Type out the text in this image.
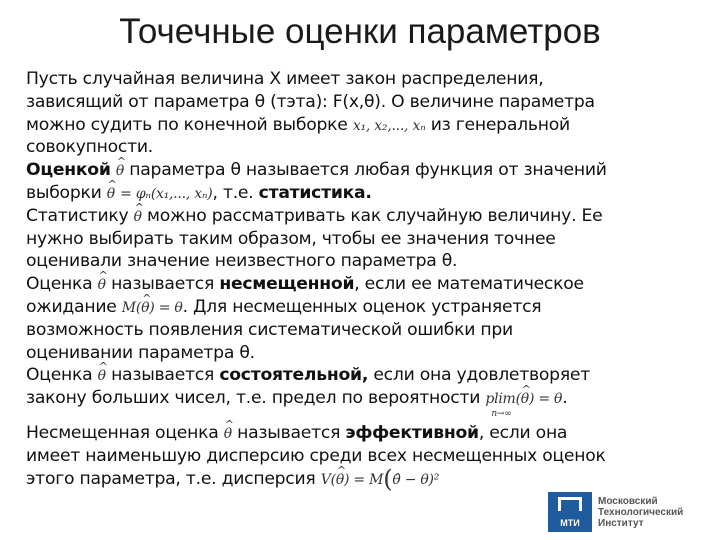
Точечные оценки параметров
Пусть случайная величина X имеет закон распределения,
зависящий от параметра θ (тэта): F(x,θ). О величине параметра
можно судить по конечной выборке x₁, x₂,..., xₙ из генеральной
совокупности.
Оценкой ^ θ параметра θ называется любая функция от значений
выборки ^ θ = φₙ(x₁,..., xₙ), т.е. статистика.
Статистику ^ θ можно рассматривать как случайную величину. Ее
нужно выбирать таким образом, чтобы ее значения точнее
оценивали значение неизвестного параметра θ.
Оценка ^ θ называется несмещенной, если ее математическое
ожидание M(^ θ) = θ. Для несмещенных оценок устраняется
возможность появления систематической ошибки при
оценивании параметра θ.
Оценка ^ θ называется состоятельной, если она удовлетворяет
закону больших чисел, т.е. предел по вероятности plim(^ θ) = θ
n→∞
.
Несмещенная оценка ^ θ называется эффективной, если она
имеет наименьшую дисперсию среди всех несмещенных оценок
этого параметра, т.е. дисперсия V(^ θ) = M(θ̂ − θ)²
МТИ
Московский
Технологический
Институт
